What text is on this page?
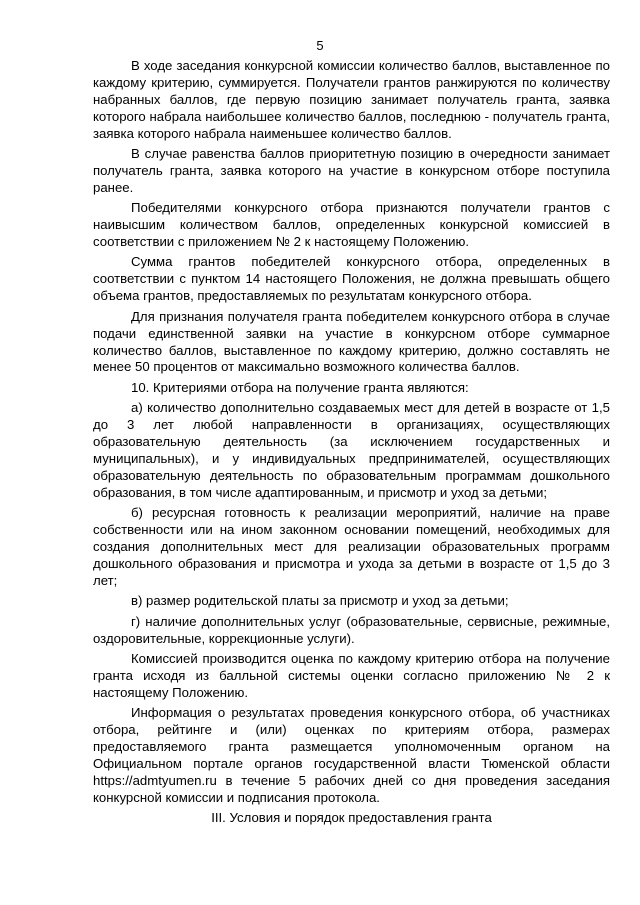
5

В ходе заседания конкурсной комиссии количество баллов, выставленное по каждому критерию, суммируется. Получатели грантов ранжируются по количеству набранных баллов, где первую позицию занимает получатель гранта, заявка которого набрала наибольшее количество баллов, последнюю - получатель гранта, заявка которого набрала наименьшее количество баллов.

В случае равенства баллов приоритетную позицию в очередности занимает получатель гранта, заявка которого на участие в конкурсном отборе поступила ранее.

Победителями конкурсного отбора признаются получатели грантов с наивысшим количеством баллов, определенных конкурсной комиссией в соответствии с приложением № 2 к настоящему Положению.

Сумма грантов победителей конкурсного отбора, определенных в соответствии с пунктом 14 настоящего Положения, не должна превышать общего объема грантов, предоставляемых по результатам конкурсного отбора.

Для признания получателя гранта победителем конкурсного отбора в случае подачи единственной заявки на участие в конкурсном отборе суммарное количество баллов, выставленное по каждому критерию, должно составлять не менее 50 процентов от максимально возможного количества баллов.

10. Критериями отбора на получение гранта являются:

а) количество дополнительно создаваемых мест для детей в возрасте от 1,5 до 3 лет любой направленности в организациях, осуществляющих образовательную деятельность (за исключением государственных и муниципальных), и у индивидуальных предпринимателей, осуществляющих образовательную деятельность по образовательным программам дошкольного образования, в том числе адаптированным, и присмотр и уход за детьми;

б) ресурсная готовность к реализации мероприятий, наличие на праве собственности или на ином законном основании помещений, необходимых для создания дополнительных мест для реализации образовательных программ дошкольного образования и присмотра и ухода за детьми в возрасте от 1,5 до 3 лет;

в) размер родительской платы за присмотр и уход за детьми;

г) наличие дополнительных услуг (образовательные, сервисные, режимные, оздоровительные, коррекционные услуги).

Комиссией производится оценка по каждому критерию отбора на получение гранта исходя из балльной системы оценки согласно приложению № 2 к настоящему Положению.

Информация о результатах проведения конкурсного отбора, об участниках отбора, рейтинге и (или) оценках по критериям отбора, размерах предоставляемого гранта размещается уполномоченным органом на Официальном портале органов государственной власти Тюменской области https://admtyumen.ru в течение 5 рабочих дней со дня проведения заседания конкурсной комиссии и подписания протокола.

III. Условия и порядок предоставления гранта
